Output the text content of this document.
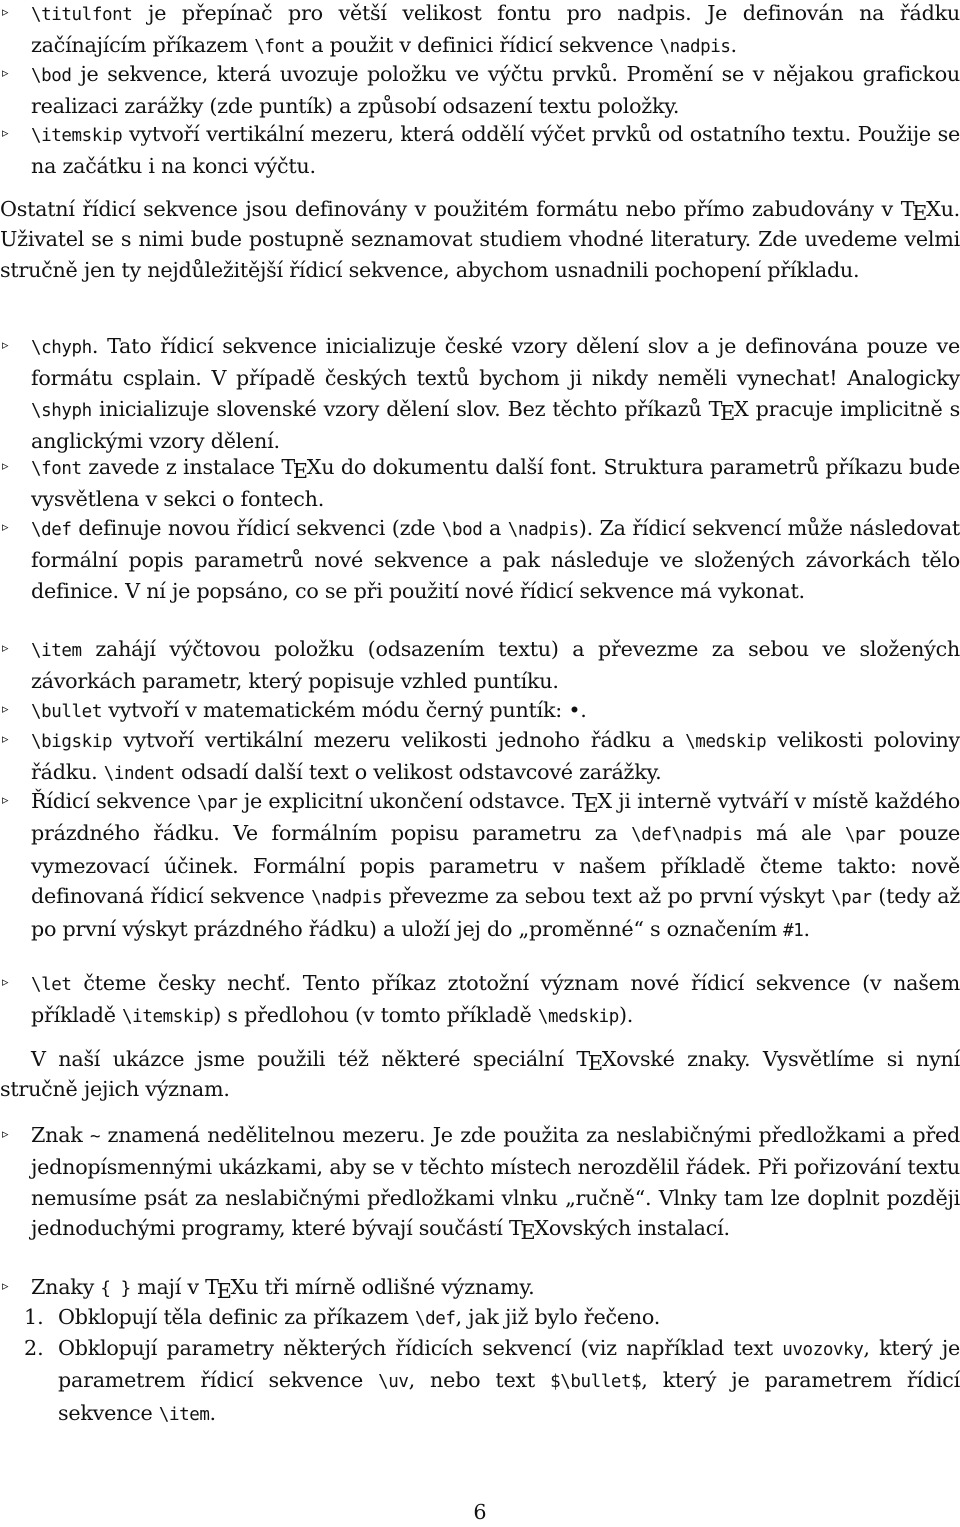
▹	\titulfont je přepínač pro větší velikost fontu pro nadpis. Je definován na řádku začínajícím příkazem \font a použit v definici řídicí sekvence \nadpis.
▹	\bod je sekvence, která uvozuje položku ve výčtu prvků. Promění se v nějakou grafickou realizaci zarážky (zde puntík) a způsobí odsazení textu položky.
▹	\itemskip vytvoří vertikální mezeru, která oddělí výčet prvků od ostatního textu. Použije se na začátku i na konci výčtu.

Ostatní řídicí sekvence jsou definovány v použitém formátu nebo přímo zabudovány v TEXu. Uživatel se s nimi bude postupně seznamovat studiem vhodné literatury. Zde uvedeme velmi stručně jen ty nejdůležitější řídicí sekvence, abychom usnadnili pochopení příkladu.

▹	\chyph. Tato řídicí sekvence inicializuje české vzory dělení slov a je definována pouze ve formátu csplain. V případě českých textů bychom ji nikdy neměli vynechat! Analogicky \shyph inicializuje slovenské vzory dělení slov. Bez těchto příkazů TEX pracuje implicitně s anglickými vzory dělení.
▹	\font zavede z instalace TEXu do dokumentu další font. Struktura parametrů příkazu bude vysvětlena v sekci o fontech.
▹	\def definuje novou řídicí sekvenci (zde \bod a \nadpis). Za řídicí sekvencí může následovat formální popis parametrů nové sekvence a pak následuje ve složených závorkách tělo definice. V ní je popsáno, co se při použití nové řídicí sekvence má vykonat.
▹	\item zahájí výčtovou položku (odsazením textu) a převezme za sebou ve složených závorkách parametr, který popisuje vzhled puntíku.
▹	\bullet vytvoří v matematickém módu černý puntík: •.
▹	\bigskip vytvoří vertikální mezeru velikosti jednoho řádku a \medskip velikosti poloviny řádku. \indent odsadí další text o velikost odstavcové zarážky.
▹	Řídicí sekvence \par je explicitní ukončení odstavce. TEX ji interně vytváří v místě každého prázdného řádku. Ve formálním popisu parametru za \def\nadpis má ale \par pouze vymezovací účinek. Formální popis parametru v našem příkladě čteme takto: nově definovaná řídicí sekvence \nadpis převezme za sebou text až po první výskyt \par (tedy až po první výskyt prázdného řádku) a uloží jej do „proměnné“ s označením #1.
▹	\let čteme česky nechť. Tento příkaz ztotožní význam nové řídicí sekvence (v našem příkladě \itemskip) s předlohou (v tomto příkladě \medskip).

V naší ukázce jsme použili též některé speciální TEXovské znaky. Vysvětlíme si nyní stručně jejich význam.

▹	Znak ~ znamená nedělitelnou mezeru. Je zde použita za neslabičnými předložkami a před jednopísmennými ukázkami, aby se v těchto místech nerozdělil řádek. Při pořizování textu nemusíme psát za neslabičnými předložkami vlnku „ručně“. Vlnky tam lze doplnit později jednoduchými programy, které bývají součástí TEXovských instalací.
▹	Znaky { } mají v TEXu tři mírně odlišné významy.
1. Obklopují těla definic za příkazem \def, jak již bylo řečeno.
2. Obklopují parametry některých řídicích sekvencí (viz například text uvozovky, který je parametrem řídicí sekvence \uv, nebo text $\bullet$, který je parametrem řídicí sekvence \item.
6
